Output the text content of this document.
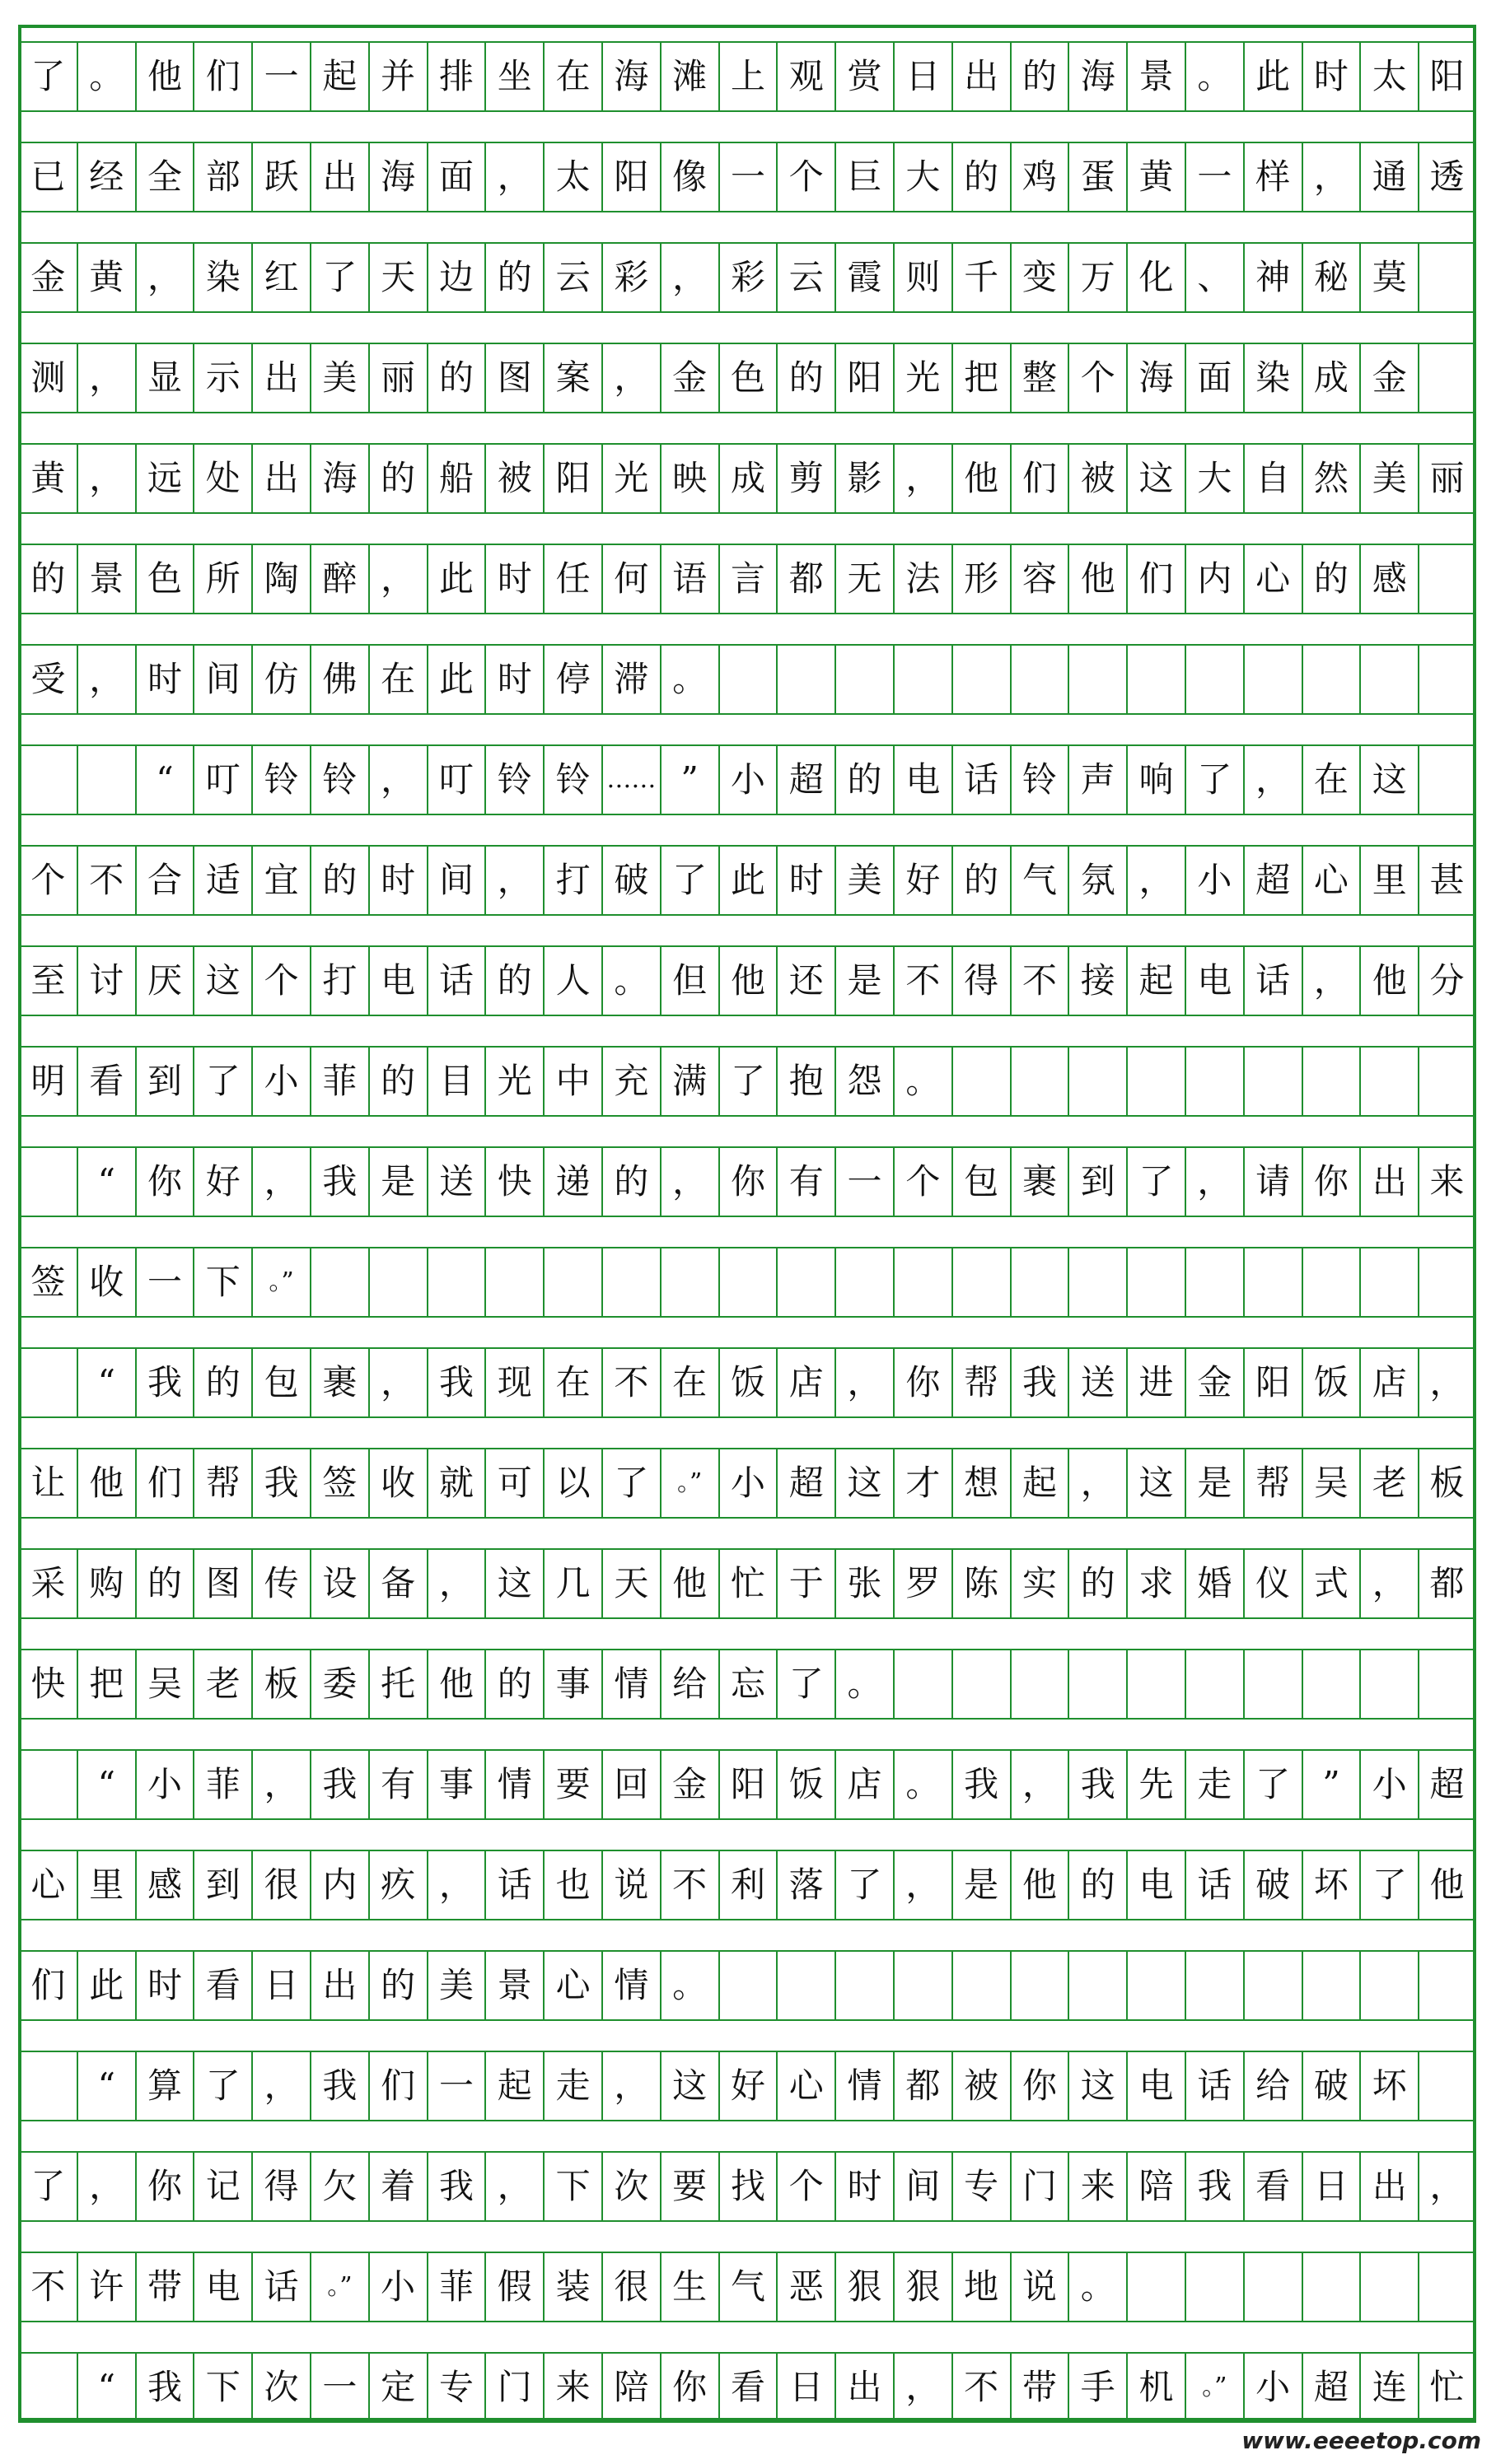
了 。 他 们 一 起 并 排 坐 在 海 滩 上 观 赏 日 出 的 海 景 。 此 时 太 阳
已 经 全 部 跃 出 海 面 ， 太 阳 像 一 个 巨 大 的 鸡 蛋 黄 一 样 ， 通 透
金 黄 ， 染 红 了 天 边 的 云 彩 ， 彩 云 霞 则 千 变 万 化 、 神 秘 莫
测 ， 显 示 出 美 丽 的 图 案 ， 金 色 的 阳 光 把 整 个 海 面 染 成 金
黄 ， 远 处 出 海 的 船 被 阳 光 映 成 剪 影 ， 他 们 被 这 大 自 然 美 丽
的 景 色 所 陶 醉 ， 此 时 任 何 语 言 都 无 法 形 容 他 们 内 心 的 感
受 ， 时 间 仿 佛 在 此 时 停 滞 。
“ 叮 铃 铃 ， 叮 铃 铃 …… ” 小 超 的 电 话 铃 声 响 了 ， 在 这
个 不 合 适 宜 的 时 间 ， 打 破 了 此 时 美 好 的 气 氛 ， 小 超 心 里 甚
至 讨 厌 这 个 打 电 话 的 人 。 但 他 还 是 不 得 不 接 起 电 话 ， 他 分
明 看 到 了 小 菲 的 目 光 中 充 满 了 抱 怨 。
“ 你 好 ， 我 是 送 快 递 的 ， 你 有 一 个 包 裹 到 了 ， 请 你 出 来
签 收 一 下	。”
“ 我 的 包 裹 ， 我 现 在 不 在 饭 店 ， 你 帮 我 送 进 金 阳 饭 店 ，
让 他 们 帮 我 签 收 就 可 以 了	。” 小 超 这 才 想 起 ， 这 是 帮 吴 老 板
采 购 的 图 传 设 备 ， 这 几 天 他 忙 于 张 罗 陈 实 的 求 婚 仪 式 ， 都
快 把 吴 老 板 委 托 他 的 事 情 给 忘 了 。
“ 小 菲 ， 我 有 事 情 要 回 金 阳 饭 店 。 我 ， 我 先 走 了 ” 小 超
心 里 感 到 很 内 疚 ， 话 也 说 不 利 落 了 ， 是 他 的 电 话 破 坏 了 他
们 此 时 看 日 出 的 美 景 心 情 。
“ 算 了 ， 我 们 一 起 走 ， 这 好 心 情 都 被 你 这 电 话 给 破 坏
了 ， 你 记 得 欠 着 我 ， 下 次 要 找 个 时 间 专 门 来 陪 我 看 日 出 ，
不 许 带 电 话	。” 小 菲 假 装 很 生 气 恶 狠 狠 地 说 。
“ 我 下 次 一 定 专 门 来 陪 你 看 日 出 ， 不 带 手 机	。” 小 超 连 忙
www.eeeetop.com
